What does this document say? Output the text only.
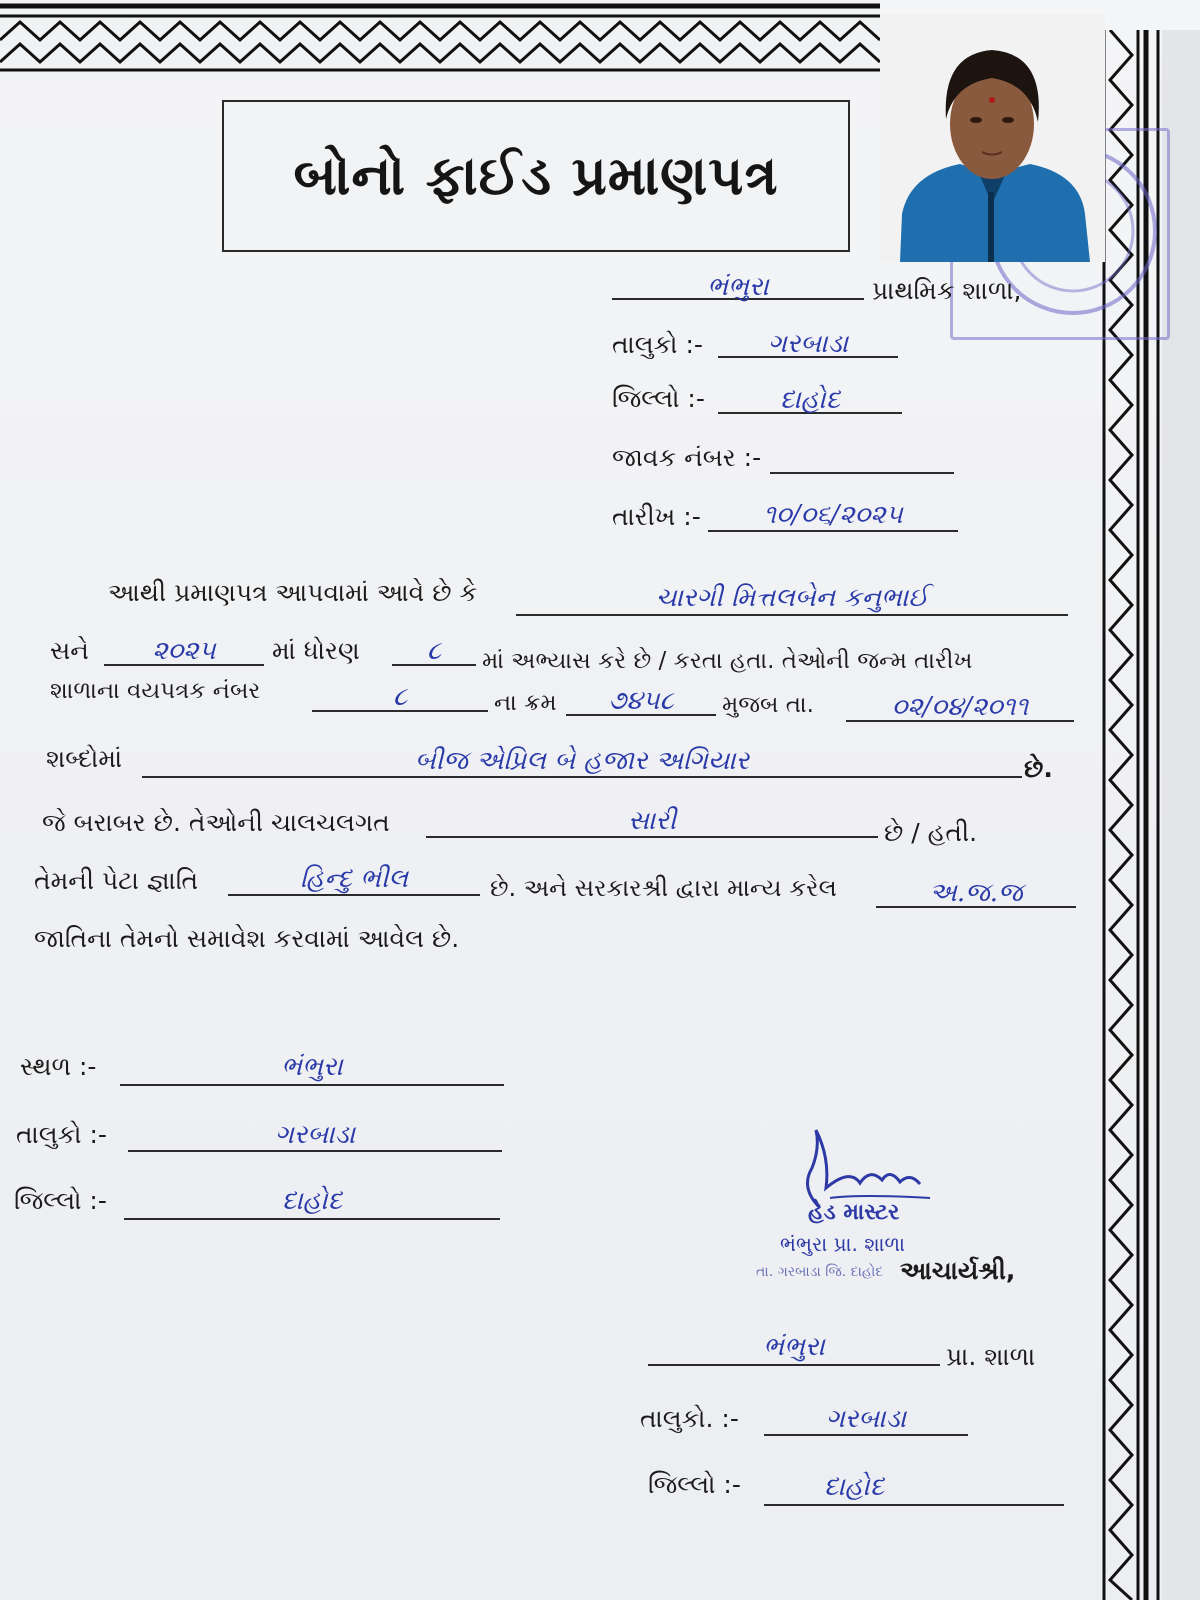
બોનો ફાઈડ પ્રમાણપત્ર
ભંભુરા	પ્રાથમિક શાળા,
તાલુકો :-	ગરબાડા
જિલ્લો :-	દાહોદ
જાવક નંબર :-
તારીખ :-	૧૦/૦૬/૨૦૨૫
આથી પ્રમાણપત્ર આપવામાં આવે છે કે	ચારગી મિત્તલબેન કનુભાઈ
સને	૨૦૨૫	માં ધોરણ	૮	માં અભ્યાસ કરે છે / કરતા હતા. તેઓની જન્મ તારીખ
શાળાના વયપત્રક નંબર	૮	ના ક્રમ	૭૪૫૮	મુજબ તા.	૦૨/૦૪/૨૦૧૧
શબ્દોમાં	બીજ એપ્રિલ બે હજાર અગિયાર	છે.
જે બરાબર છે. તેઓની ચાલચલગત	સારી	છે / હતી.
તેમની પેટા જ્ઞાતિ	હિન્દુ ભીલ	છે. અને સરકારશ્રી દ્વારા માન્ય કરેલ	અ.જ.જ
જાતિના તેમનો સમાવેશ કરવામાં આવેલ છે.
સ્થળ :-	ભંભુરા
તાલુકો :-	ગરબાડા
જિલ્લો :-	દાહોદ	હેડ માસ્ટર
ભંભુરા પ્રા. શાળા
તા. ગરબાડા જિ. દાહોદ આચાર્યશ્રી,
ભંભુરા	પ્રા. શાળા
તાલુકો. :-	ગરબાડા
જિલ્લો :-	દાહોદ
